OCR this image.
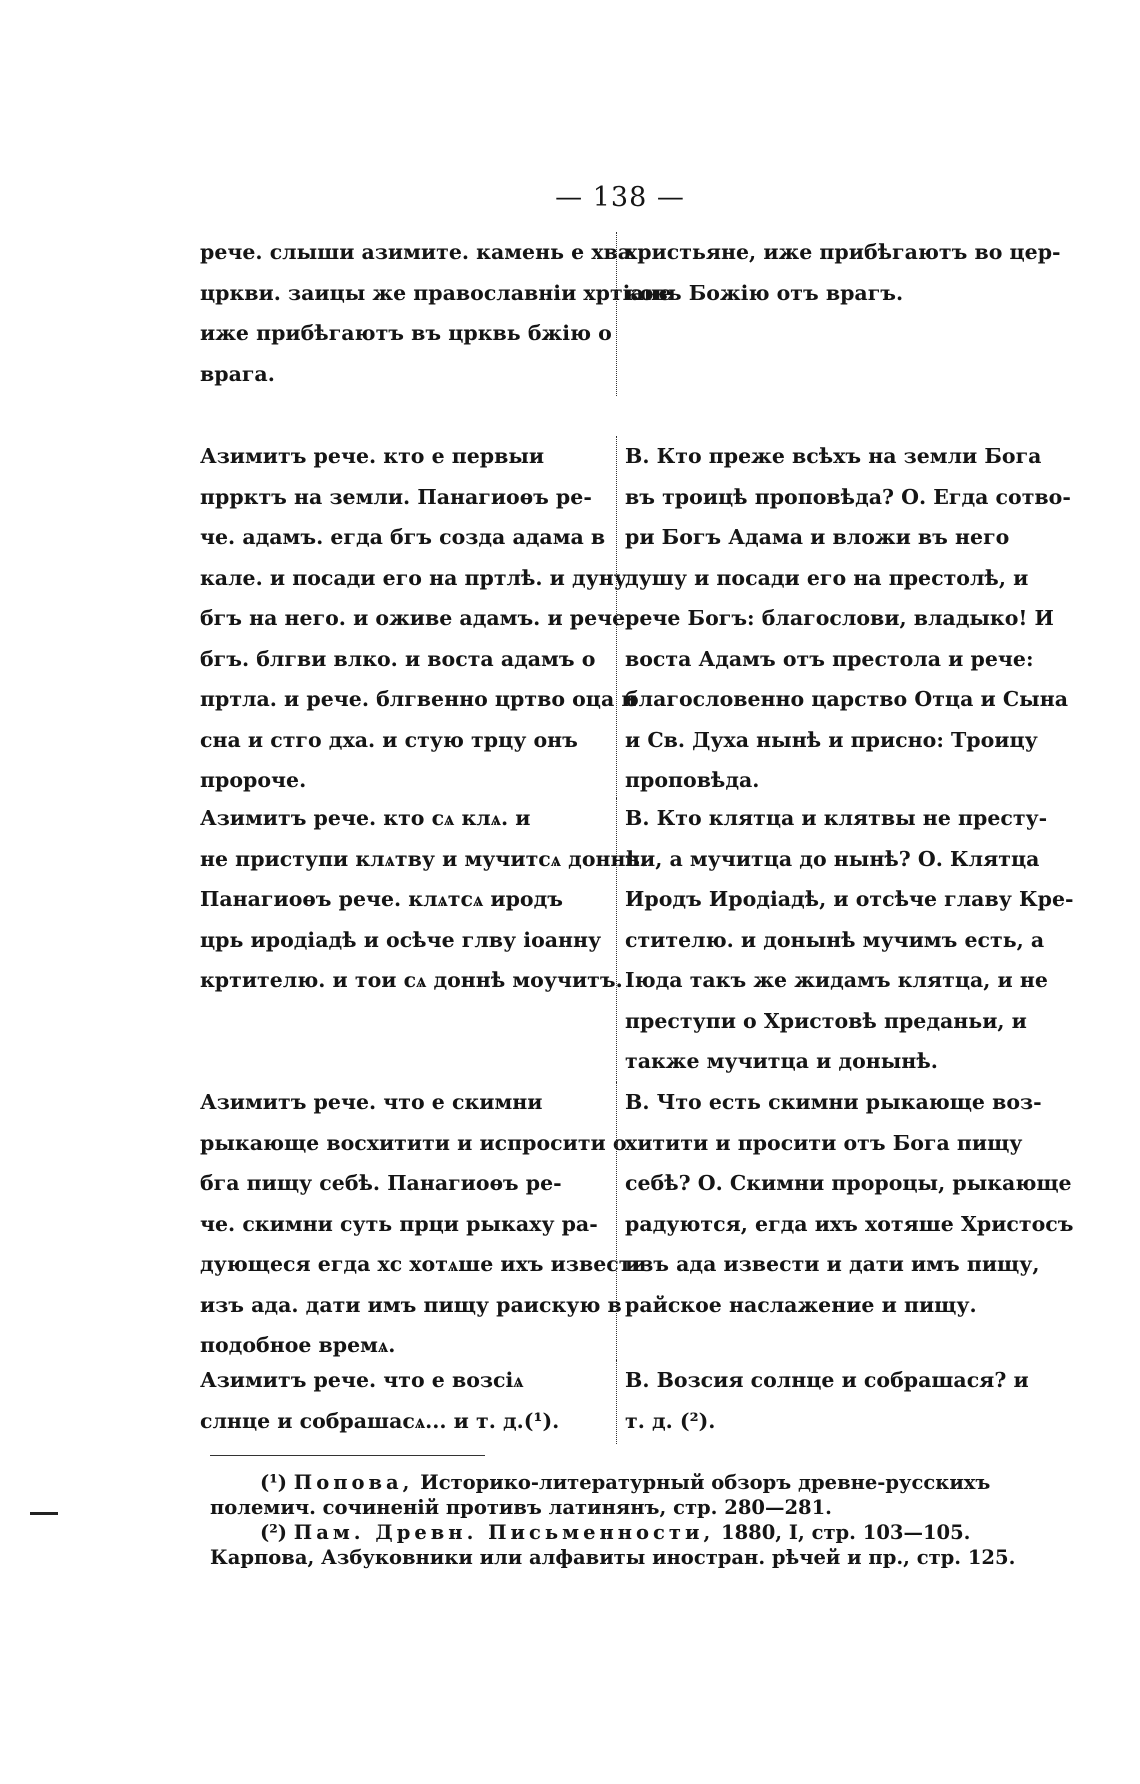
— 138 —
рече. слыши азимите. камень е хва
цркви. заицы же православніи хртіане
иже прибѣгаютъ въ црквь бжію о
врага.
христьяне, иже прибѣгаютъ во цер-
ковь Божію отъ врагъ.
Азимитъ рече. кто е первыи
пррктъ на земли. Панагиоѳъ ре-
че. адамъ. егда бгъ созда адама в
кале. и посади его на пртлѣ. и дуну
бгъ на него. и оживе адамъ. и рече
бгъ. блгви влко. и воста адамъ о
пртла. и рече. блгвенно цртво оца и
сна и стго дха. и стую трцу онъ
пророче.
В. Кто преже всѣхъ на земли Бога
въ троицѣ проповѣда? О. Егда сотво-
ри Богъ Адама и вложи въ него
душу и посади его на престолѣ, и
рече Богъ: благослови, владыко! И
воста Адамъ отъ престола и рече:
благословенно царство Отца и Сына
и Св. Духа нынѣ и присно: Троицу
проповѣда.
Азимитъ рече. кто сѧ клѧ. и
не приступи клѧтву и мучитсѧ доннѣ.
Панагиоѳъ рече. клѧтсѧ иродъ
црь иродіадѣ и осѣче глву іоанну
кртителю. и тои сѧ доннѣ моучитъ.
В. Кто клятца и клятвы не престу-
пи, а мучитца до нынѣ? О. Клятца
Иродъ Иродіадѣ, и отсѣче главу Кре-
стителю. и донынѣ мучимъ есть, а
Іюда такъ же жидамъ клятца, и не
преступи о Христовѣ преданьи, и
такжe мучитца и донынѣ.
Азимитъ рече. что е скимни
рыкающе восхитити и испросити о
бга пищу себѣ. Панагиоѳъ ре-
че. скимни суть прци рыкаху ра-
дующеся егда хс хотѧше ихъ извести
изъ ада. дати имъ пищу раискую в
подобное времѧ.
В. Что есть скимни рыкающе воз-
хитити и просити отъ Бога пищу
себѣ? О. Скимни пророцы, рыкающе
радуются, егда ихъ хотяше Христосъ
изъ ада извести и дати имъ пищу,
райское наслажение и пищу.
Азимитъ рече. что е возсіѧ
слнце и собрашасѧ... и т. д.(¹).
В. Возсия солнце и собрашася? и
т. д. (²).

(¹) Попова, Историко-литературный обзоръ древне-русскихъ полемич. сочиненій противъ латинянъ, стр. 280—281.

(²) Пам. Древн. Письменности, 1880, I, стр. 103—105. Карпова, Азбуковники или алфавиты иностран. рѣчей и пр., стр. 125.
